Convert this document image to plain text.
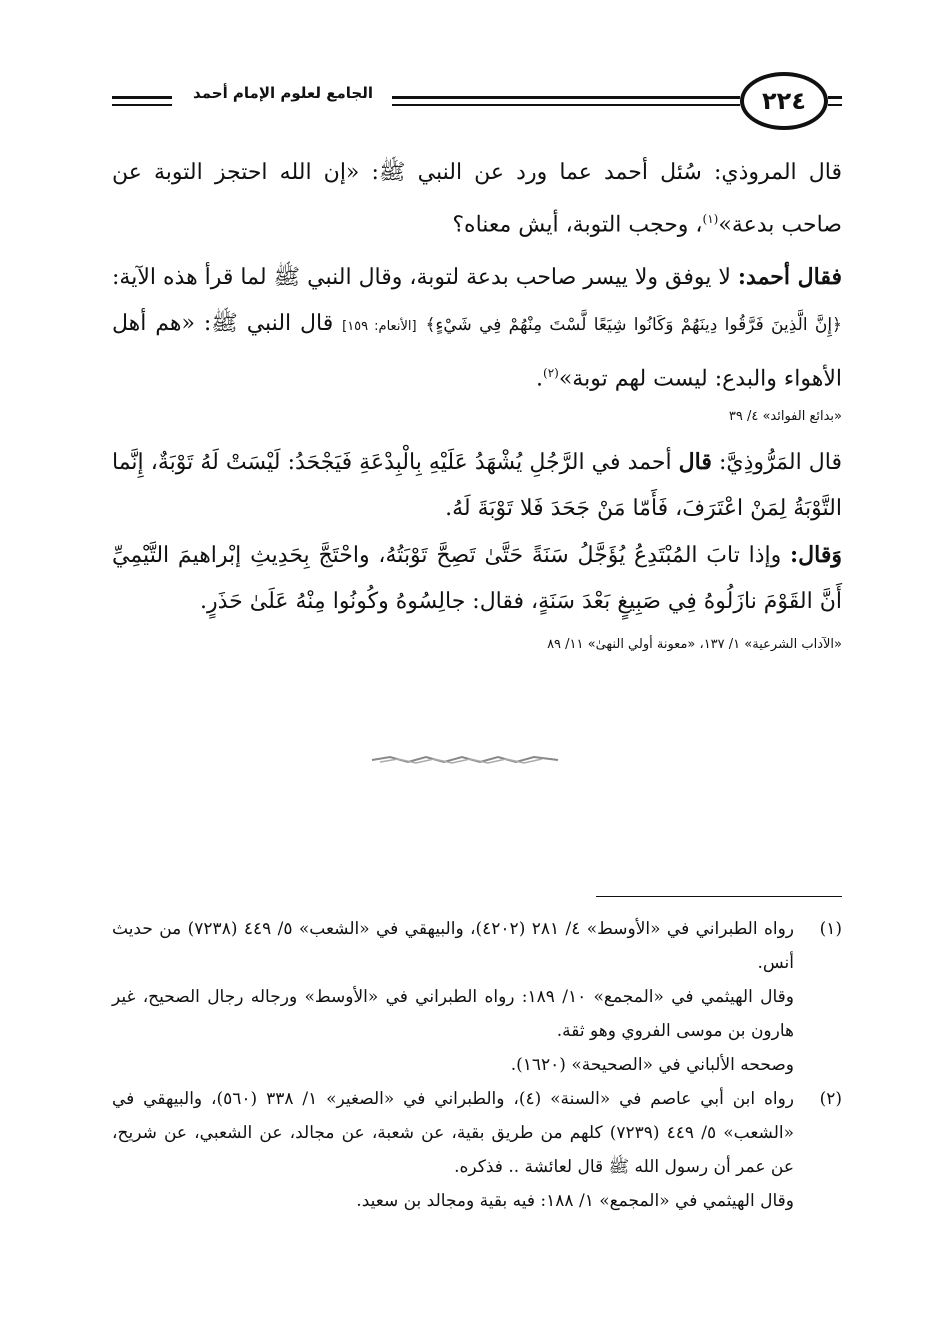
٢٢٤
الجامع لعلوم الإمام أحمد

قال المروذي: سُئل أحمد عما ورد عن النبي ﷺ: «إن الله احتجز التوبة عن صاحب بدعة»$^{(١)}$، وحجب التوبة، أيش معناه؟

فقال أحمد: لا يوفق ولا ييسر صاحب بدعة لتوبة، وقال النبي ﷺ لما قرأ هذه الآية: ﴿إِنَّ الَّذِينَ فَرَّقُوا دِينَهُمْ وَكَانُوا شِيَعًا لَّسْتَ مِنْهُمْ فِي شَيْءٍ﴾ [الأنعام: ١٥٩] قال النبي ﷺ: «هم أهل الأهواء والبدع: ليست لهم توبة»$^{(٢)}$.

«بدائع الفوائد» ٤/ ٣٩

قال المَرُّوذِيَّ: قال أحمد في الرَّجُلِ يُشْهَدُ عَلَيْهِ بِالْبِدْعَةِ فَيَجْحَدُ: لَيْسَتْ لَهُ تَوْبَةٌ، إِنَّما التَّوْبَةُ لِمَنْ اعْتَرَفَ، فَأَمّا مَنْ جَحَدَ فَلا تَوْبَةَ لَهُ.

وَقال: وإذا تابَ المُبْتَدِعُ يُؤَجَّلُ سَنَةً حَتَّىٰ تَصِحَّ تَوْبَتُهُ، واحْتَجَّ بِحَدِيثِ إبْراهيمَ التَّيْمِيِّ أَنَّ القَوْمَ نازَلُوهُ فِي صَبِيغٍ بَعْدَ سَنَةٍ، فقال: جالِسُوهُ وكُونُوا مِنْهُ عَلَىٰ حَذَرٍ.

«الآداب الشرعية» ١/ ١٣٧، «معونة أولي النهىٰ» ١١/ ٨٩

(١)

رواه الطبراني في «الأوسط» ٤/ ٢٨١ (٤٢٠٢)، والبيهقي في «الشعب» ٥/ ٤٤٩ (٧٢٣٨) من حديث أنس.

وقال الهيثمي في «المجمع» ١٠/ ١٨٩: رواه الطبراني في «الأوسط» ورجاله رجال الصحيح، غير هارون بن موسى الفروي وهو ثقة.

وصححه الألباني في «الصحيحة» (١٦٢٠).

(٢)

رواه ابن أبي عاصم في «السنة» (٤)، والطبراني في «الصغير» ١/ ٣٣٨ (٥٦٠)، والبيهقي في «الشعب» ٥/ ٤٤٩ (٧٢٣٩) كلهم من طريق بقية، عن شعبة، عن مجالد، عن الشعبي، عن شريح، عن عمر أن رسول الله ﷺ قال لعائشة .. فذكره.

وقال الهيثمي في «المجمع» ١/ ١٨٨: فيه بقية ومجالد بن سعيد.
